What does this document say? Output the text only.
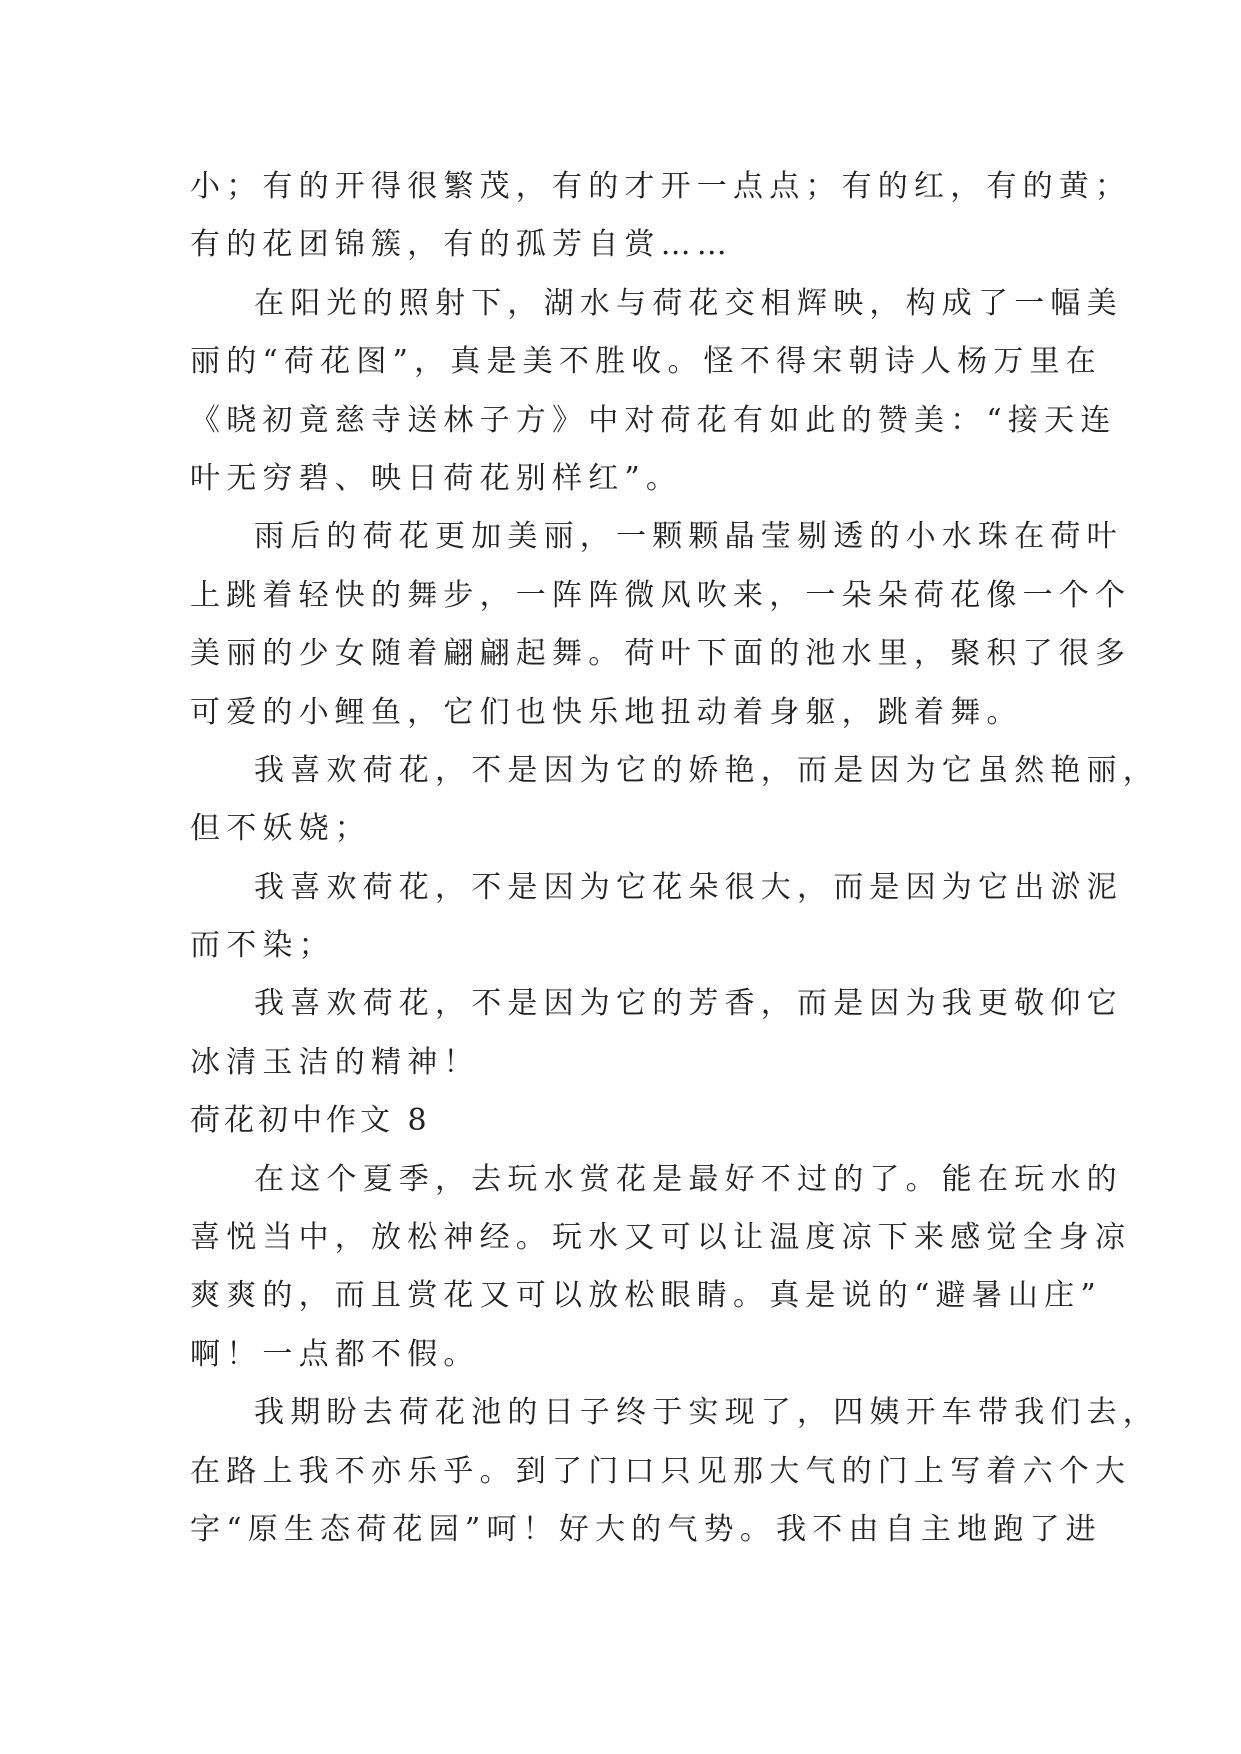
小；有的开得很繁茂，有的才开一点点；有的红，有的黄；
有的花团锦簇，有的孤芳自赏……
在阳光的照射下，湖水与荷花交相辉映，构成了一幅美
丽的“荷花图”，真是美不胜收。怪不得宋朝诗人杨万里在
《晓初竟慈寺送林子方》中对荷花有如此的赞美：“接天连
叶无穷碧、映日荷花别样红”。
雨后的荷花更加美丽，一颗颗晶莹剔透的小水珠在荷叶
上跳着轻快的舞步，一阵阵微风吹来，一朵朵荷花像一个个
美丽的少女随着翩翩起舞。荷叶下面的池水里，聚积了很多
可爱的小鲤鱼，它们也快乐地扭动着身躯，跳着舞。
我喜欢荷花，不是因为它的娇艳，而是因为它虽然艳丽，
但不妖娆；
我喜欢荷花，不是因为它花朵很大，而是因为它出淤泥
而不染；
我喜欢荷花，不是因为它的芳香，而是因为我更敬仰它
冰清玉洁的精神！
荷花初中作文 8
在这个夏季，去玩水赏花是最好不过的了。能在玩水的
喜悦当中，放松神经。玩水又可以让温度凉下来感觉全身凉
爽爽的，而且赏花又可以放松眼睛。真是说的“避暑山庄”
啊！一点都不假。
我期盼去荷花池的日子终于实现了，四姨开车带我们去，
在路上我不亦乐乎。到了门口只见那大气的门上写着六个大
字“原生态荷花园”呵！好大的气势。我不由自主地跑了进
